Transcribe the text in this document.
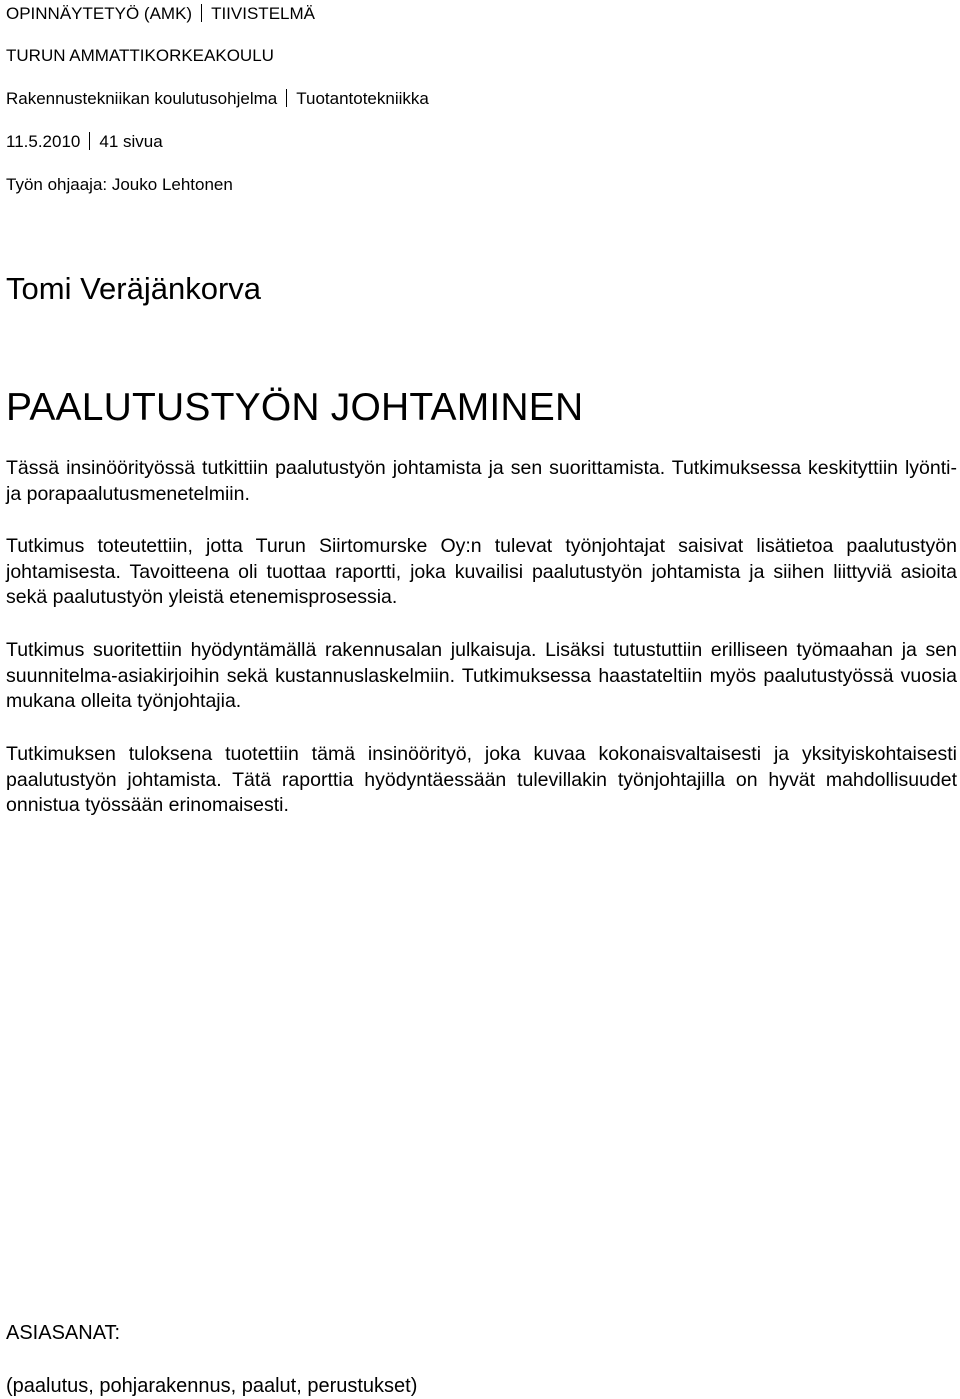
OPINNÄYTETYÖ (AMK) TIIVISTELMÄ
TURUN AMMATTIKORKEAKOULU
Rakennustekniikan koulutusohjelma Tuotantotekniikka
11.5.2010 41 sivua
Työn ohjaaja: Jouko Lehtonen
Tomi Veräjänkorva
PAALUTUSTYÖN JOHTAMINEN
Tässä insinöörityössä tutkittiin paalutustyön johtamista ja sen suorittamista. Tutkimuksessa keskityttiin lyönti- ja porapaalutusmenetelmiin.
Tutkimus toteutettiin, jotta Turun Siirtomurske Oy:n tulevat työnjohtajat saisivat lisätietoa paalutustyön johtamisesta. Tavoitteena oli tuottaa raportti, joka kuvailisi paalutustyön johtamista ja siihen liittyviä asioita sekä paalutustyön yleistä etenemisprosessia.
Tutkimus suoritettiin hyödyntämällä rakennusalan julkaisuja. Lisäksi tutustuttiin erilliseen työmaahan ja sen suunnitelma-asiakirjoihin sekä kustannuslaskelmiin. Tutkimuksessa haastateltiin myös paalutustyössä vuosia mukana olleita työnjohtajia.
Tutkimuksen tuloksena tuotettiin tämä insinöörityö, joka kuvaa kokonaisvaltaisesti ja yksityiskohtaisesti paalutustyön johtamista. Tätä raporttia hyödyntäessään tulevillakin työnjohtajilla on hyvät mahdollisuudet onnistua työssään erinomaisesti.
ASIASANAT:
(paalutus, pohjarakennus, paalut, perustukset)
